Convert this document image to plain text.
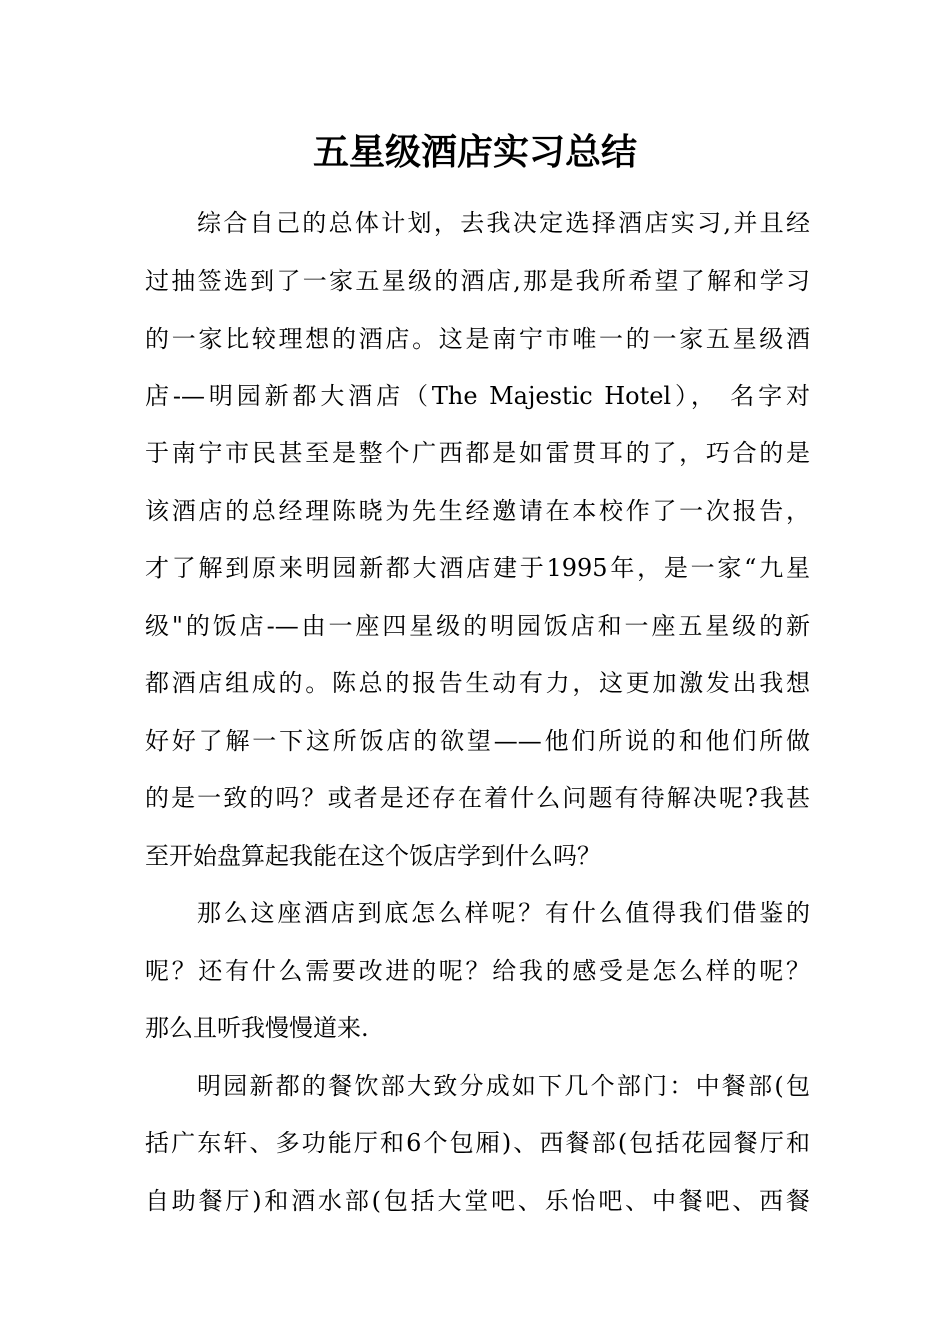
五星级酒店实习总结

综合自己的总体计划，去我决定选择酒店实习,并且经

过抽签选到了一家五星级的酒店,那是我所希望了解和学习

的一家比较理想的酒店。这是南宁市唯一的一家五星级酒

店-—明园新都大酒店（The Majestic Hotel）， 名字对

于南宁市民甚至是整个广西都是如雷贯耳的了，巧合的是

该酒店的总经理陈晓为先生经邀请在本校作了一次报告，

才了解到原来明园新都大酒店建于1995年，是一家“九星

级"的饭店-—由一座四星级的明园饭店和一座五星级的新

都酒店组成的。陈总的报告生动有力，这更加激发出我想

好好了解一下这所饭店的欲望——他们所说的和他们所做

的是一致的吗？或者是还存在着什么问题有待解决呢?我甚

至开始盘算起我能在这个饭店学到什么吗？

那么这座酒店到底怎么样呢？有什么值得我们借鉴的

呢？还有什么需要改进的呢？给我的感受是怎么样的呢？

那么且听我慢慢道来.

明园新都的餐饮部大致分成如下几个部门：中餐部(包

括广东轩、多功能厅和6个包厢)、西餐部(包括花园餐厅和

自助餐厅)和酒水部(包括大堂吧、乐怡吧、中餐吧、西餐
